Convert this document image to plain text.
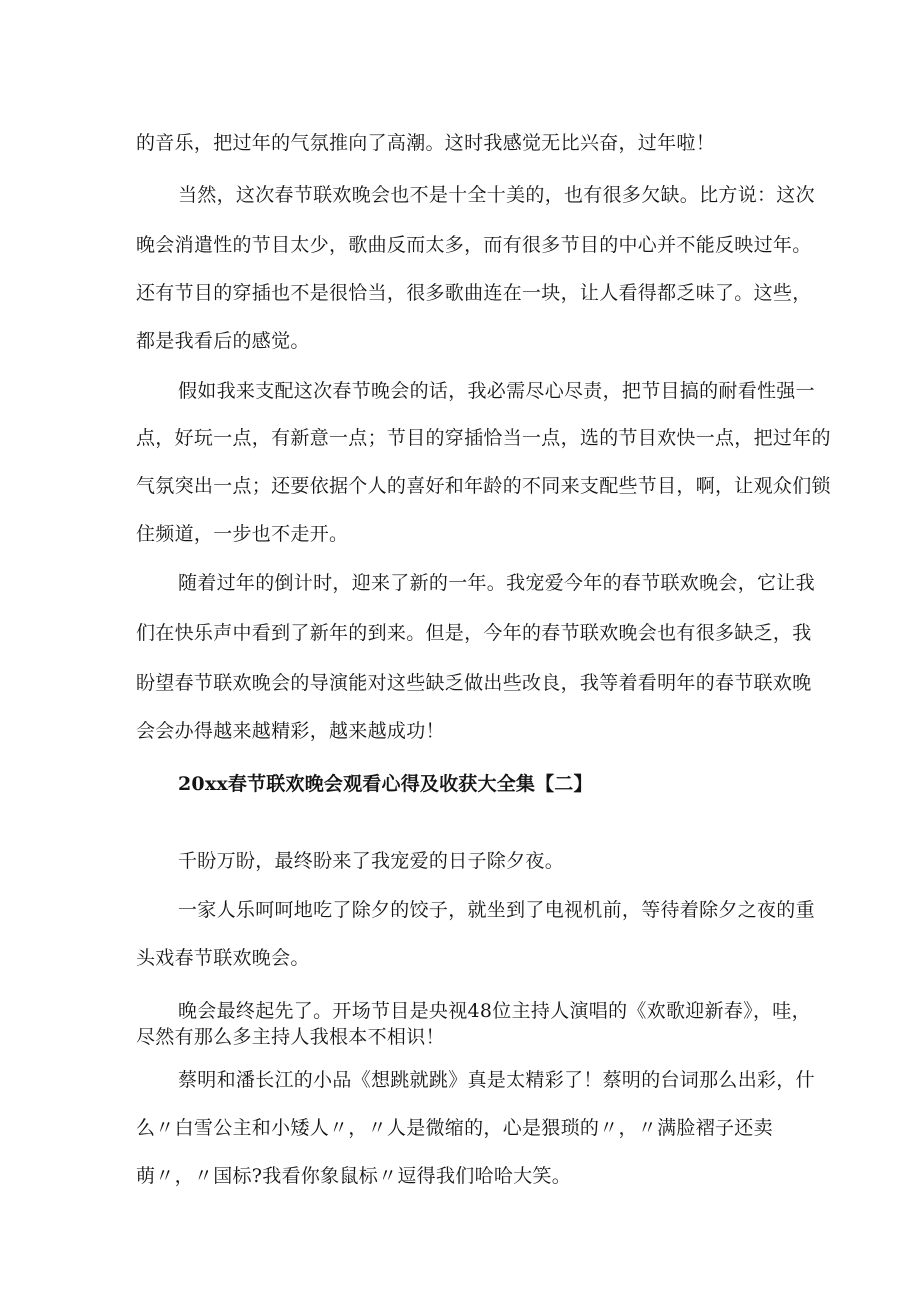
的音乐，把过年的气氛推向了高潮。这时我感觉无比兴奋，过年啦！
当然，这次春节联欢晚会也不是十全十美的，也有很多欠缺。比方说：这次
晚会消遣性的节目太少，歌曲反而太多，而有很多节目的中心并不能反映过年。
还有节目的穿插也不是很恰当，很多歌曲连在一块，让人看得都乏味了。这些，
都是我看后的感觉。
假如我来支配这次春节晚会的话，我必需尽心尽责，把节目搞的耐看性强一
点，好玩一点，有新意一点；节目的穿插恰当一点，选的节目欢快一点，把过年的
气氛突出一点；还要依据个人的喜好和年龄的不同来支配些节目，啊，让观众们锁
住频道，一步也不走开。
随着过年的倒计时，迎来了新的一年。我宠爱今年的春节联欢晚会，它让我
们在快乐声中看到了新年的到来。但是，今年的春节联欢晚会也有很多缺乏，我
盼望春节联欢晚会的导演能对这些缺乏做出些改良，我等着看明年的春节联欢晚
会会办得越来越精彩，越来越成功！
20xx春节联欢晚会观看心得及收获大全集【二】
千盼万盼，最终盼来了我宠爱的日子除夕夜。
一家人乐呵呵地吃了除夕的饺子，就坐到了电视机前，等待着除夕之夜的重
头戏春节联欢晚会。
晚会最终起先了。开场节目是央视48位主持人演唱的《欢歌迎新春》，哇，
尽然有那么多主持人我根本不相识！
蔡明和潘长江的小品《想跳就跳》真是太精彩了！蔡明的台词那么出彩，什
么〃白雪公主和小矮人〃，〃人是微缩的，心是猥琐的〃，〃满脸褶子还卖
萌〃，〃国标?我看你象鼠标〃逗得我们哈哈大笑。
